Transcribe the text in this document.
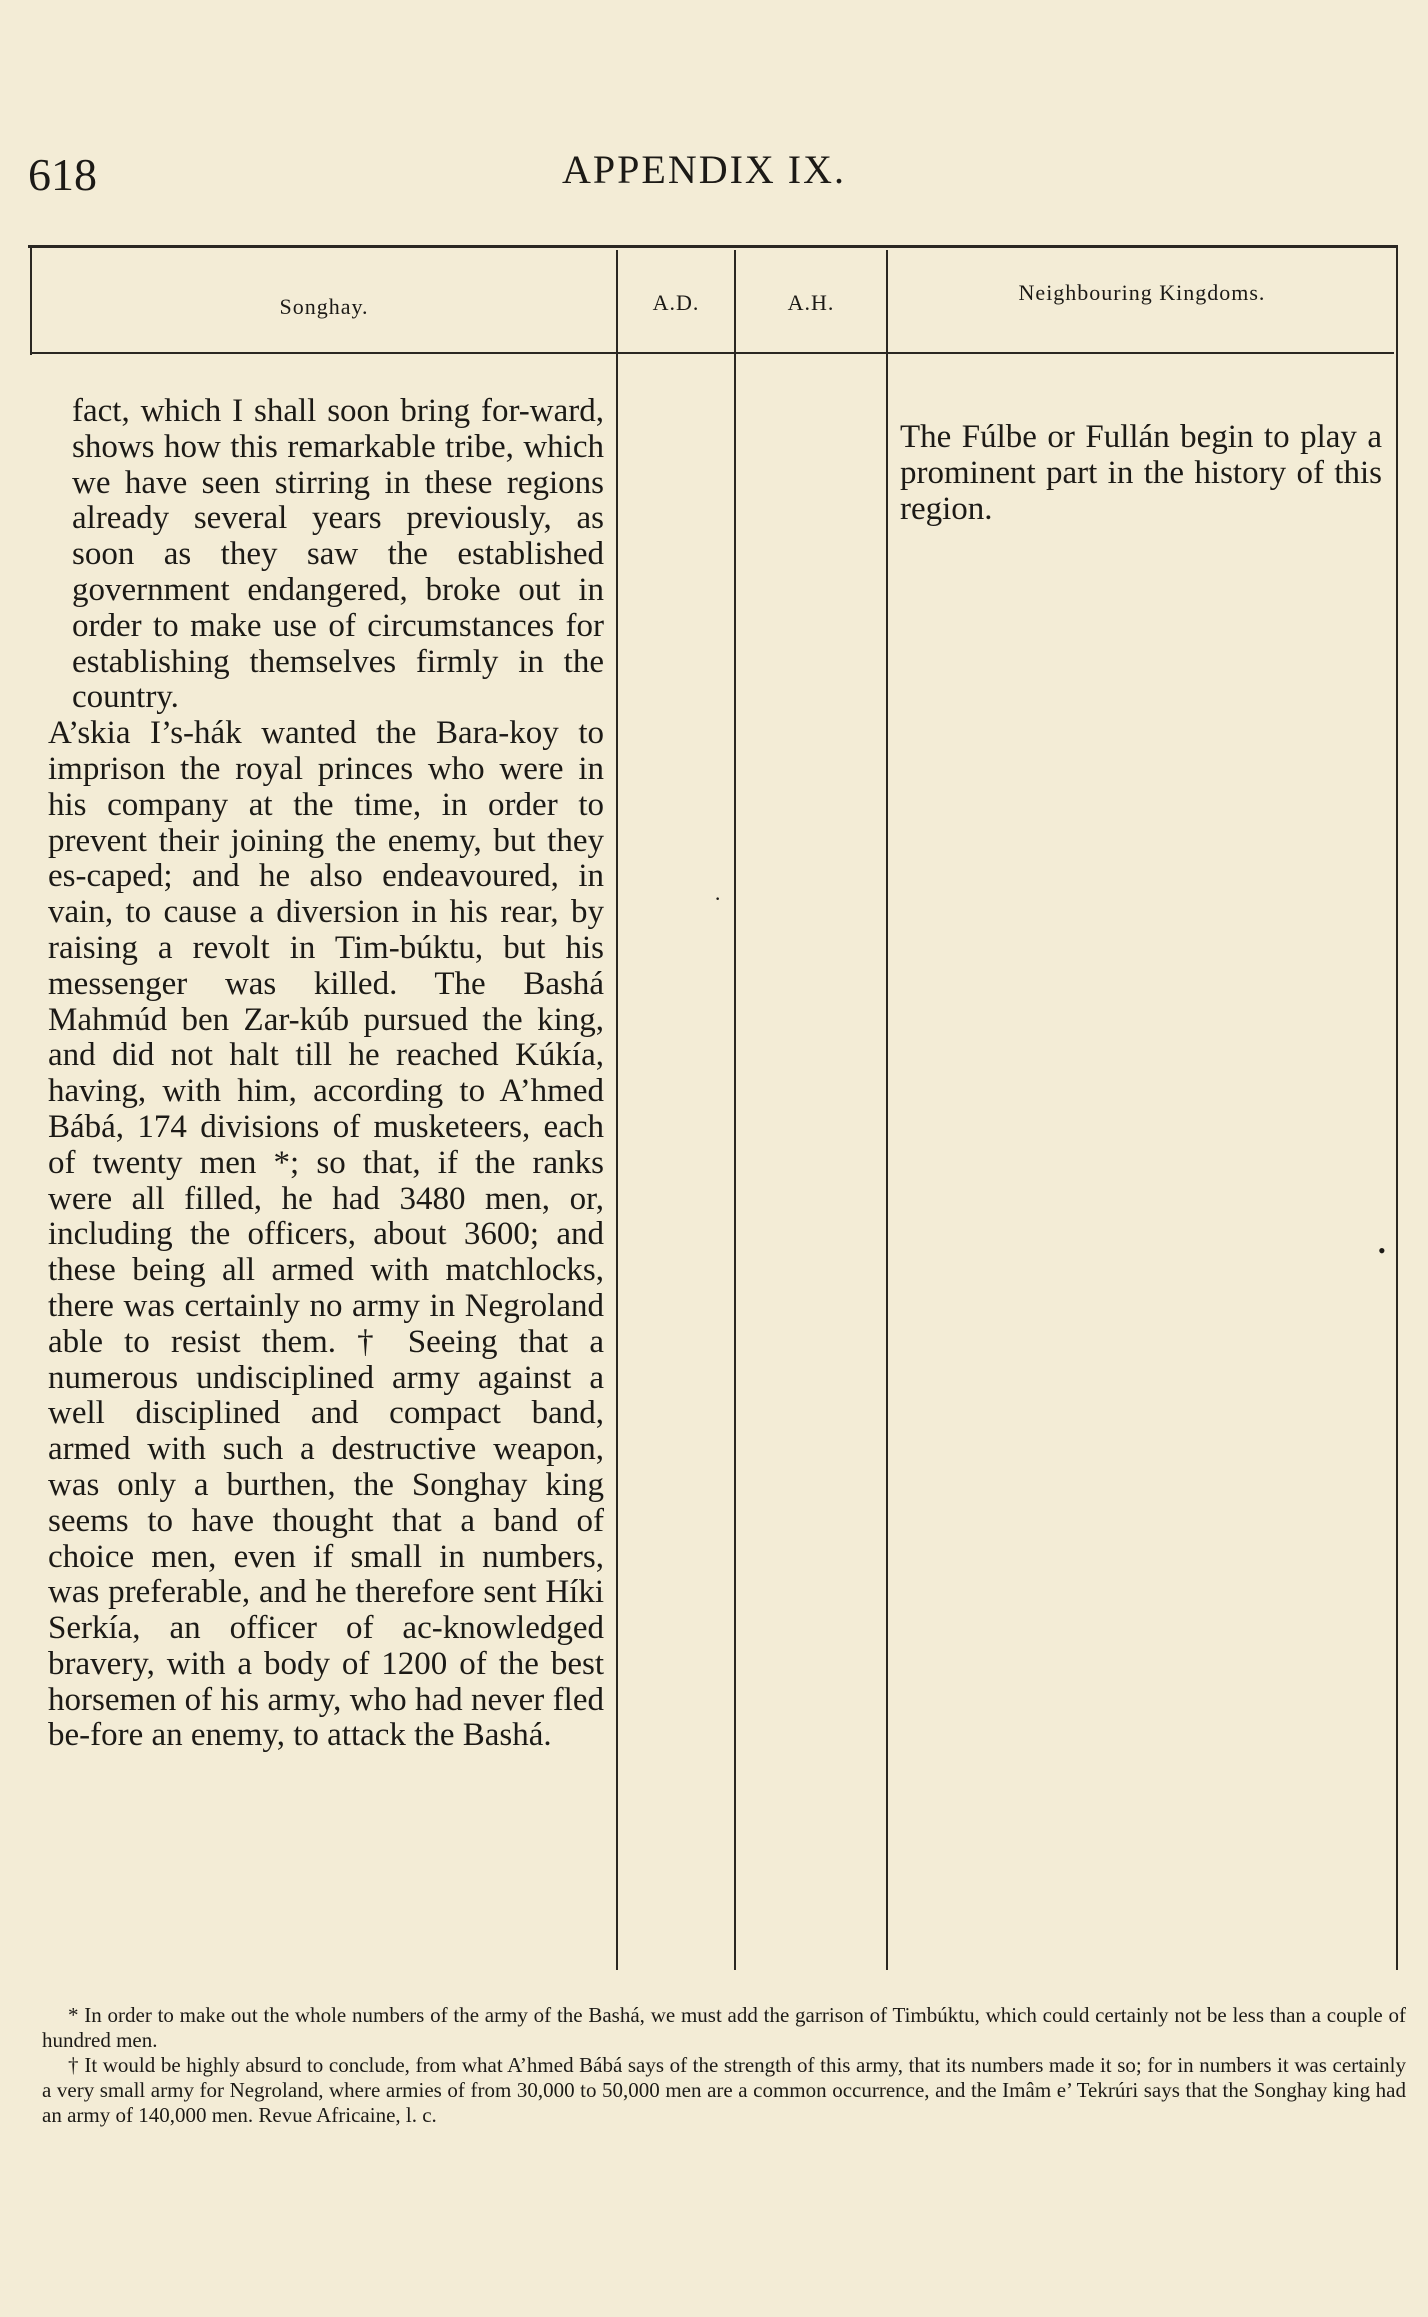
618	APPENDIX IX.
Songhay.	A.D.	A.H.	Neighbouring Kingdoms.

fact, which I shall soon bring for-ward, shows how this remarkable tribe, which we have seen stirring in these regions already several years previously, as soon as they saw the established government endangered, broke out in order to make use of circumstances for establishing themselves firmly in the country.

A’skia I’s-hák wanted the Bara-koy to imprison the royal princes who were in his company at the time, in order to prevent their joining the enemy, but they es-caped; and he also endeavoured, in vain, to cause a diversion in his rear, by raising a revolt in Tim-búktu, but his messenger was killed. The Bashá Mahmúd ben Zar-kúb pursued the king, and did not halt till he reached Kúkía, having, with him, according to A’hmed Bábá, 174 divisions of musketeers, each of twenty men *; so that, if the ranks were all filled, he had 3480 men, or, including the officers, about 3600; and these being all armed with matchlocks, there was certainly no army in Negroland able to resist them. † Seeing that a numerous undisciplined army against a well disciplined and compact band, armed with such a destructive weapon, was only a burthen, the Songhay king seems to have thought that a band of choice men, even if small in numbers, was preferable, and he therefore sent Híki Serkía, an officer of ac-knowledged bravery, with a body of 1200 of the best horsemen of his army, who had never fled be-fore an enemy, to attack the Bashá.

The Fúlbe or Fullán begin to play a prominent part in the history of this region.
·
•

* In order to make out the whole numbers of the army of the Bashá, we must add the garrison of Timbúktu, which could certainly not be less than a couple of hundred men.

† It would be highly absurd to conclude, from what A’hmed Bábá says of the strength of this army, that its numbers made it so; for in numbers it was certainly a very small army for Negroland, where armies of from 30,000 to 50,000 men are a common occurrence, and the Imâm e’ Tekrúri says that the Songhay king had an army of 140,000 men. Revue Africaine, l. c.
